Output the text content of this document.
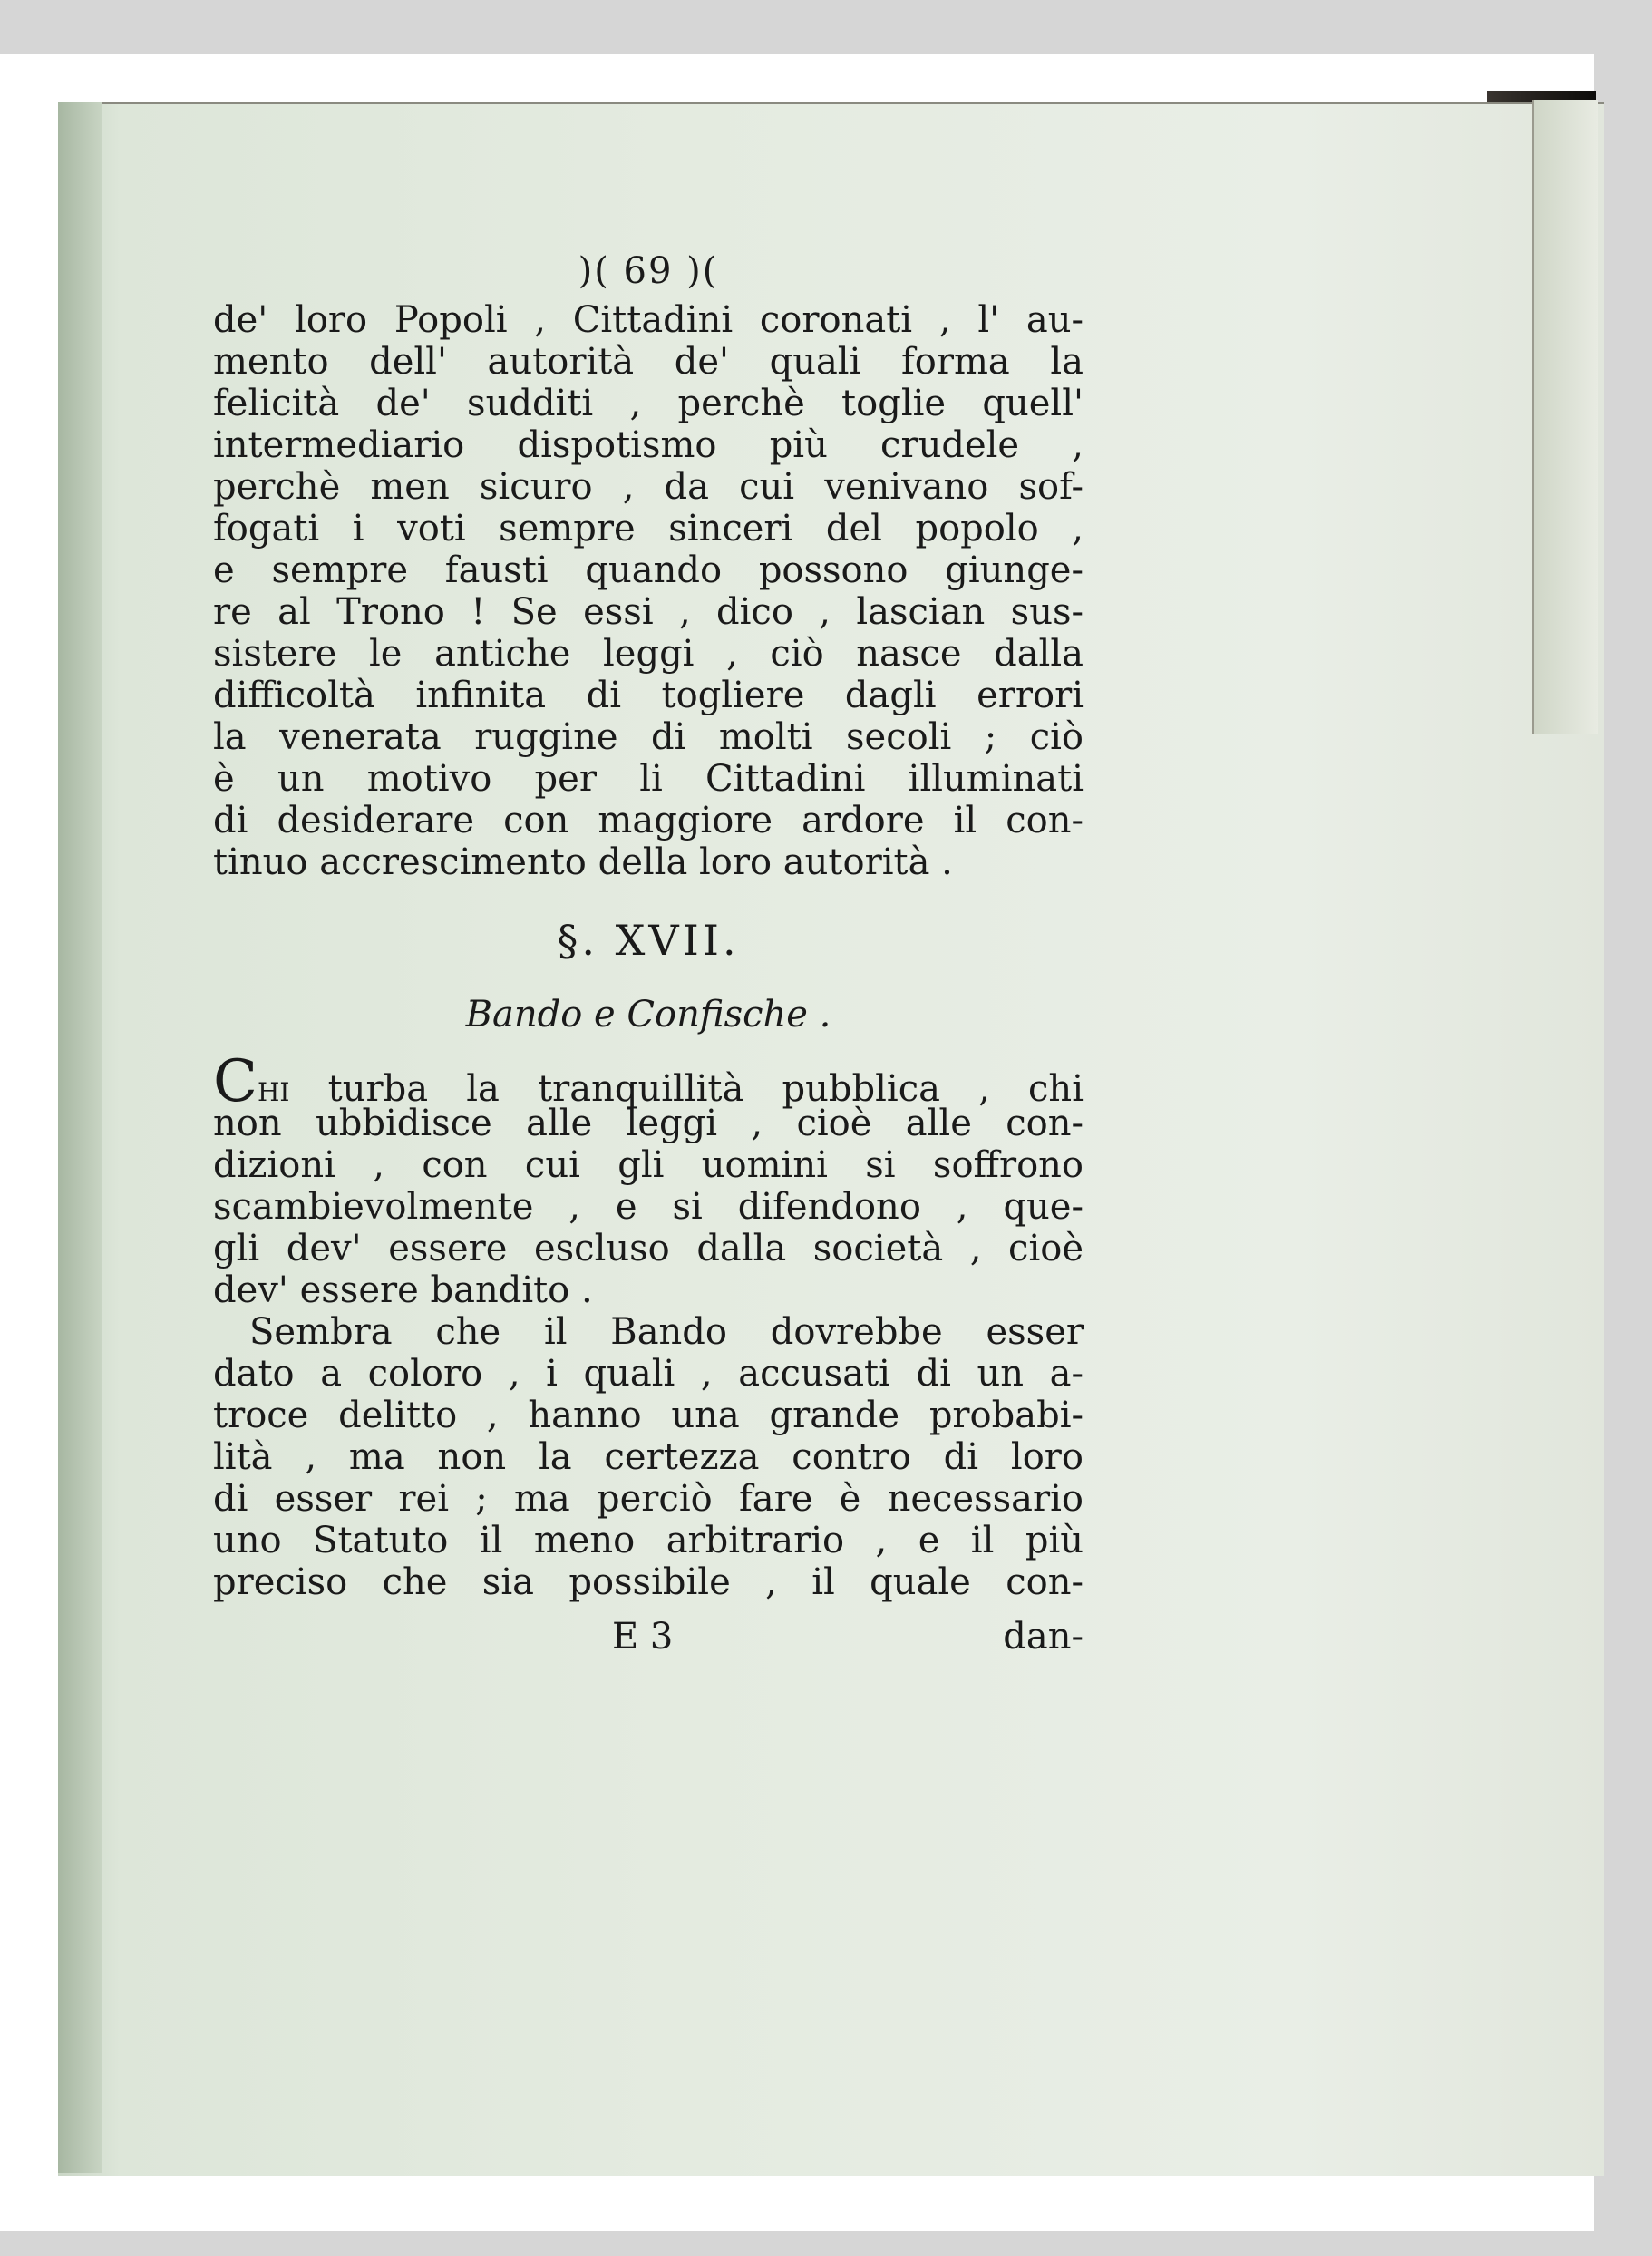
)( 69 )(
de' loro Popoli , Cittadini coronati , l' au-
mento dell' autorità de' quali forma la
felicità de' sudditi , perchè toglie quell'
intermediario dispotismo più crudele ,
perchè men sicuro , da cui venivano sof-
fogati i voti sempre sinceri del popolo ,
e sempre fausti quando possono giunge-
re al Trono ! Se essi , dico , lascian sus-
sistere le antiche leggi , ciò nasce dalla
difficoltà infinita di togliere dagli errori
la venerata ruggine di molti secoli ; ciò
è un motivo per li Cittadini illuminati
di desiderare con maggiore ardore il con-
tinuo accrescimento della loro autorità .
§. XVII.
Bando e Confische .
Chi turba la tranquillità pubblica , chi
non ubbidisce alle leggi , cioè alle con-
dizioni , con cui gli uomini si soffrono
scambievolmente , e si difendono , que-
gli dev' essere escluso dalla società , cioè
dev' essere bandito .
Sembra che il Bando dovrebbe esser
dato a coloro , i quali , accusati di un a-
troce delitto , hanno una grande probabi-
lità , ma non la certezza contro di loro
di esser rei ; ma perciò fare è necessario
uno Statuto il meno arbitrario , e il più
preciso che sia possibile , il quale con-
E 3	dan-
